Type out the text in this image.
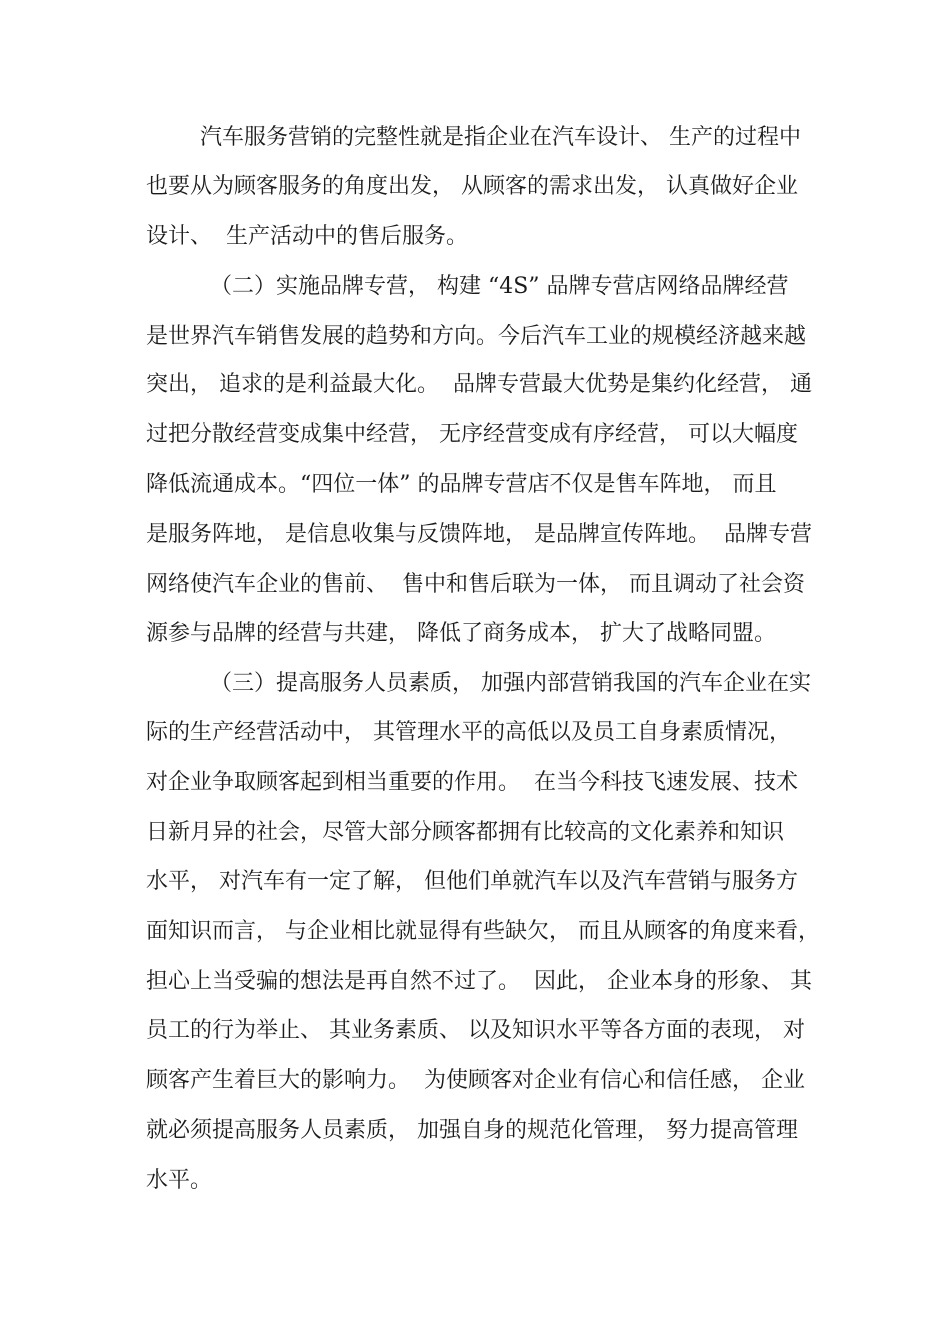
汽车服务营销的完整性就是指企业在汽车设计、 生产的过程中

也要从为顾客服务的角度出发， 从顾客的需求出发， 认真做好企业

设计、  生产活动中的售后服务。

（二）实施品牌专营， 构建 “4S” 品牌专营店网络品牌经营

是世界汽车销售发展的趋势和方向。今后汽车工业的规模经济越来越

突出， 追求的是利益最大化。  品牌专营最大优势是集约化经营， 通

过把分散经营变成集中经营， 无序经营变成有序经营， 可以大幅度

降低流通成本。“四位一体” 的品牌专营店不仅是售车阵地， 而且

是服务阵地， 是信息收集与反馈阵地， 是品牌宣传阵地。  品牌专营

网络使汽车企业的售前、  售中和售后联为一体， 而且调动了社会资

源参与品牌的经营与共建， 降低了商务成本， 扩大了战略同盟。

（三）提高服务人员素质， 加强内部营销我国的汽车企业在实

际的生产经营活动中， 其管理水平的高低以及员工自身素质情况，

对企业争取顾客起到相当重要的作用。  在当今科技飞速发展、技术

日新月异的社会，尽管大部分顾客都拥有比较高的文化素养和知识

水平， 对汽车有一定了解， 但他们单就汽车以及汽车营销与服务方

面知识而言， 与企业相比就显得有些缺欠， 而且从顾客的角度来看，

担心上当受骗的想法是再自然不过了。  因此， 企业本身的形象、 其

员工的行为举止、 其业务素质、 以及知识水平等各方面的表现， 对

顾客产生着巨大的影响力。  为使顾客对企业有信心和信任感， 企业

就必须提高服务人员素质， 加强自身的规范化管理， 努力提高管理

水平。
